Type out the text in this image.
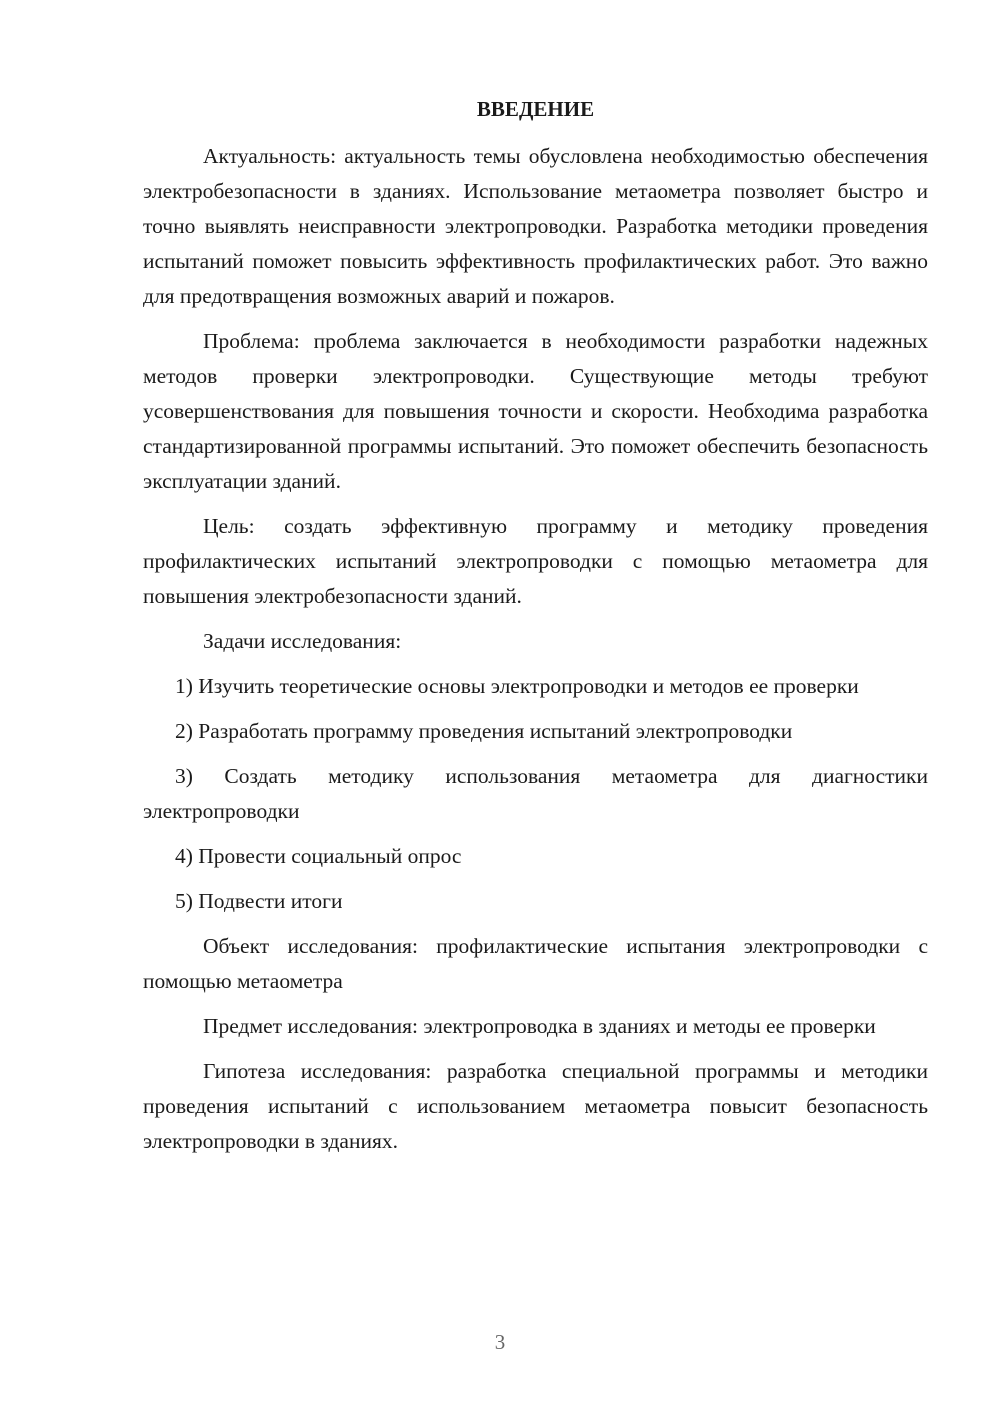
ВВЕДЕНИЕ

Актуальность: актуальность темы обусловлена необходимостью обеспечения электробезопасности в зданиях. Использование метаометра позволяет быстро и точно выявлять неисправности электропроводки. Разработка методики проведения испытаний поможет повысить эффективность профилактических работ. Это важно для предотвращения возможных аварий и пожаров.

Проблема: проблема заключается в необходимости разработки надежных методов проверки электропроводки. Существующие методы требуют усовершенствования для повышения точности и скорости. Необходима разработка стандартизированной программы испытаний. Это поможет обеспечить безопасность эксплуатации зданий.

Цель: создать эффективную программу и методику проведения профилактических испытаний электропроводки с помощью метаометра для повышения электробезопасности зданий.

Задачи исследования:

1) Изучить теоретические основы электропроводки и методов ее проверки

2) Разработать программу проведения испытаний электропроводки

3) Создать методику использования метаометра для диагностики электропроводки

4) Провести социальный опрос

5) Подвести итоги

Объект исследования: профилактические испытания электропроводки с помощью метаометра

Предмет исследования: электропроводка в зданиях и методы ее проверки

Гипотеза исследования: разработка специальной программы и методики проведения испытаний с использованием метаометра повысит безопасность электропроводки в зданиях.

3
